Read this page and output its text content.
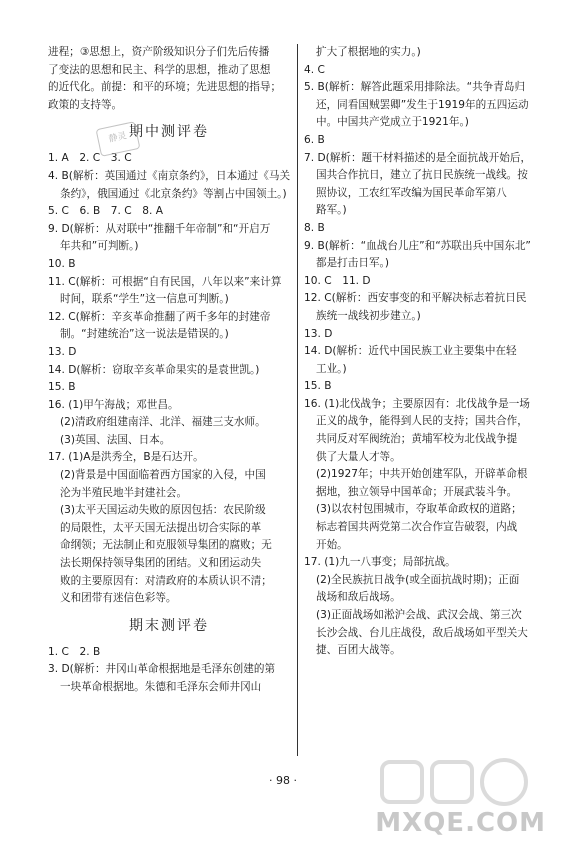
进程；③思想上，资产阶级知识分子们先后传播
了变法的思想和民主、科学的思想，推动了思想
的近代化。前提：和平的环境；先进思想的指导；
政策的支持等。
期中测评卷
1. A　2. C　3. C
4. B(解析：英国通过《南京条约》，日本通过《马关
条约》，俄国通过《北京条约》等割占中国领土。)
5. C　6. B　7. C　8. A
9. D(解析：从对联中“推翻千年帝制”和“开启万
年共和”可判断。)
10. B
11. C(解析：可根据“自有民国，八年以来”来计算
时间，联系“学生”这一信息可判断。)
12. C(解析：辛亥革命推翻了两千多年的封建帝
制。“封建统治”这一说法是错误的。)
13. D
14. D(解析：窃取辛亥革命果实的是袁世凯。)
15. B
16. (1)甲午海战；邓世昌。
(2)清政府组建南洋、北洋、福建三支水师。
(3)英国、法国、日本。
17. (1)A是洪秀全，B是石达开。
(2)背景是中国面临着西方国家的入侵，中国
沦为半殖民地半封建社会。
(3)太平天国运动失败的原因包括：农民阶级
的局限性，太平天国无法提出切合实际的革
命纲领；无法制止和克服领导集团的腐败；无
法长期保持领导集团的团结。义和团运动失
败的主要原因有：对清政府的本质认识不清；
义和团带有迷信色彩等。
期末测评卷
1. C　2. B
3. D(解析：井冈山革命根据地是毛泽东创建的第
一块革命根据地。朱德和毛泽东会师井冈山
扩大了根据地的实力。)
4. C
5. B(解析：解答此题采用排除法。“共争青岛归
还，同看国贼罢卿”发生于1919年的五四运动
中。中国共产党成立于1921年。)
6. B
7. D(解析：题干材料描述的是全面抗战开始后，
国共合作抗日，建立了抗日民族统一战线。按
照协议，工农红军改编为国民革命军第八
路军。)
8. B
9. B(解析：“血战台儿庄”和“苏联出兵中国东北”
都是打击日军。)
10. C　11. D
12. C(解析：西安事变的和平解决标志着抗日民
族统一战线初步建立。)
13. D
14. D(解析：近代中国民族工业主要集中在轻
工业。)
15. B
16. (1)北伐战争；主要原因有：北伐战争是一场
正义的战争，能得到人民的支持；国共合作，
共同反对军阀统治；黄埔军校为北伐战争提
供了大量人才等。
(2)1927年；中共开始创建军队，开辟革命根
据地，独立领导中国革命；开展武装斗争。
(3)以农村包围城市，夺取革命政权的道路；
标志着国共两党第二次合作宣告破裂，内战
开始。
17. (1)九一八事变；局部抗战。
(2)全民族抗日战争(或全面抗战时期)；正面
战场和敌后战场。
(3)正面战场如淞沪会战、武汉会战、第三次
长沙会战、台儿庄战役，敌后战场如平型关大
捷、百团大战等。
静灵
· 98 ·
MXQE.COM
